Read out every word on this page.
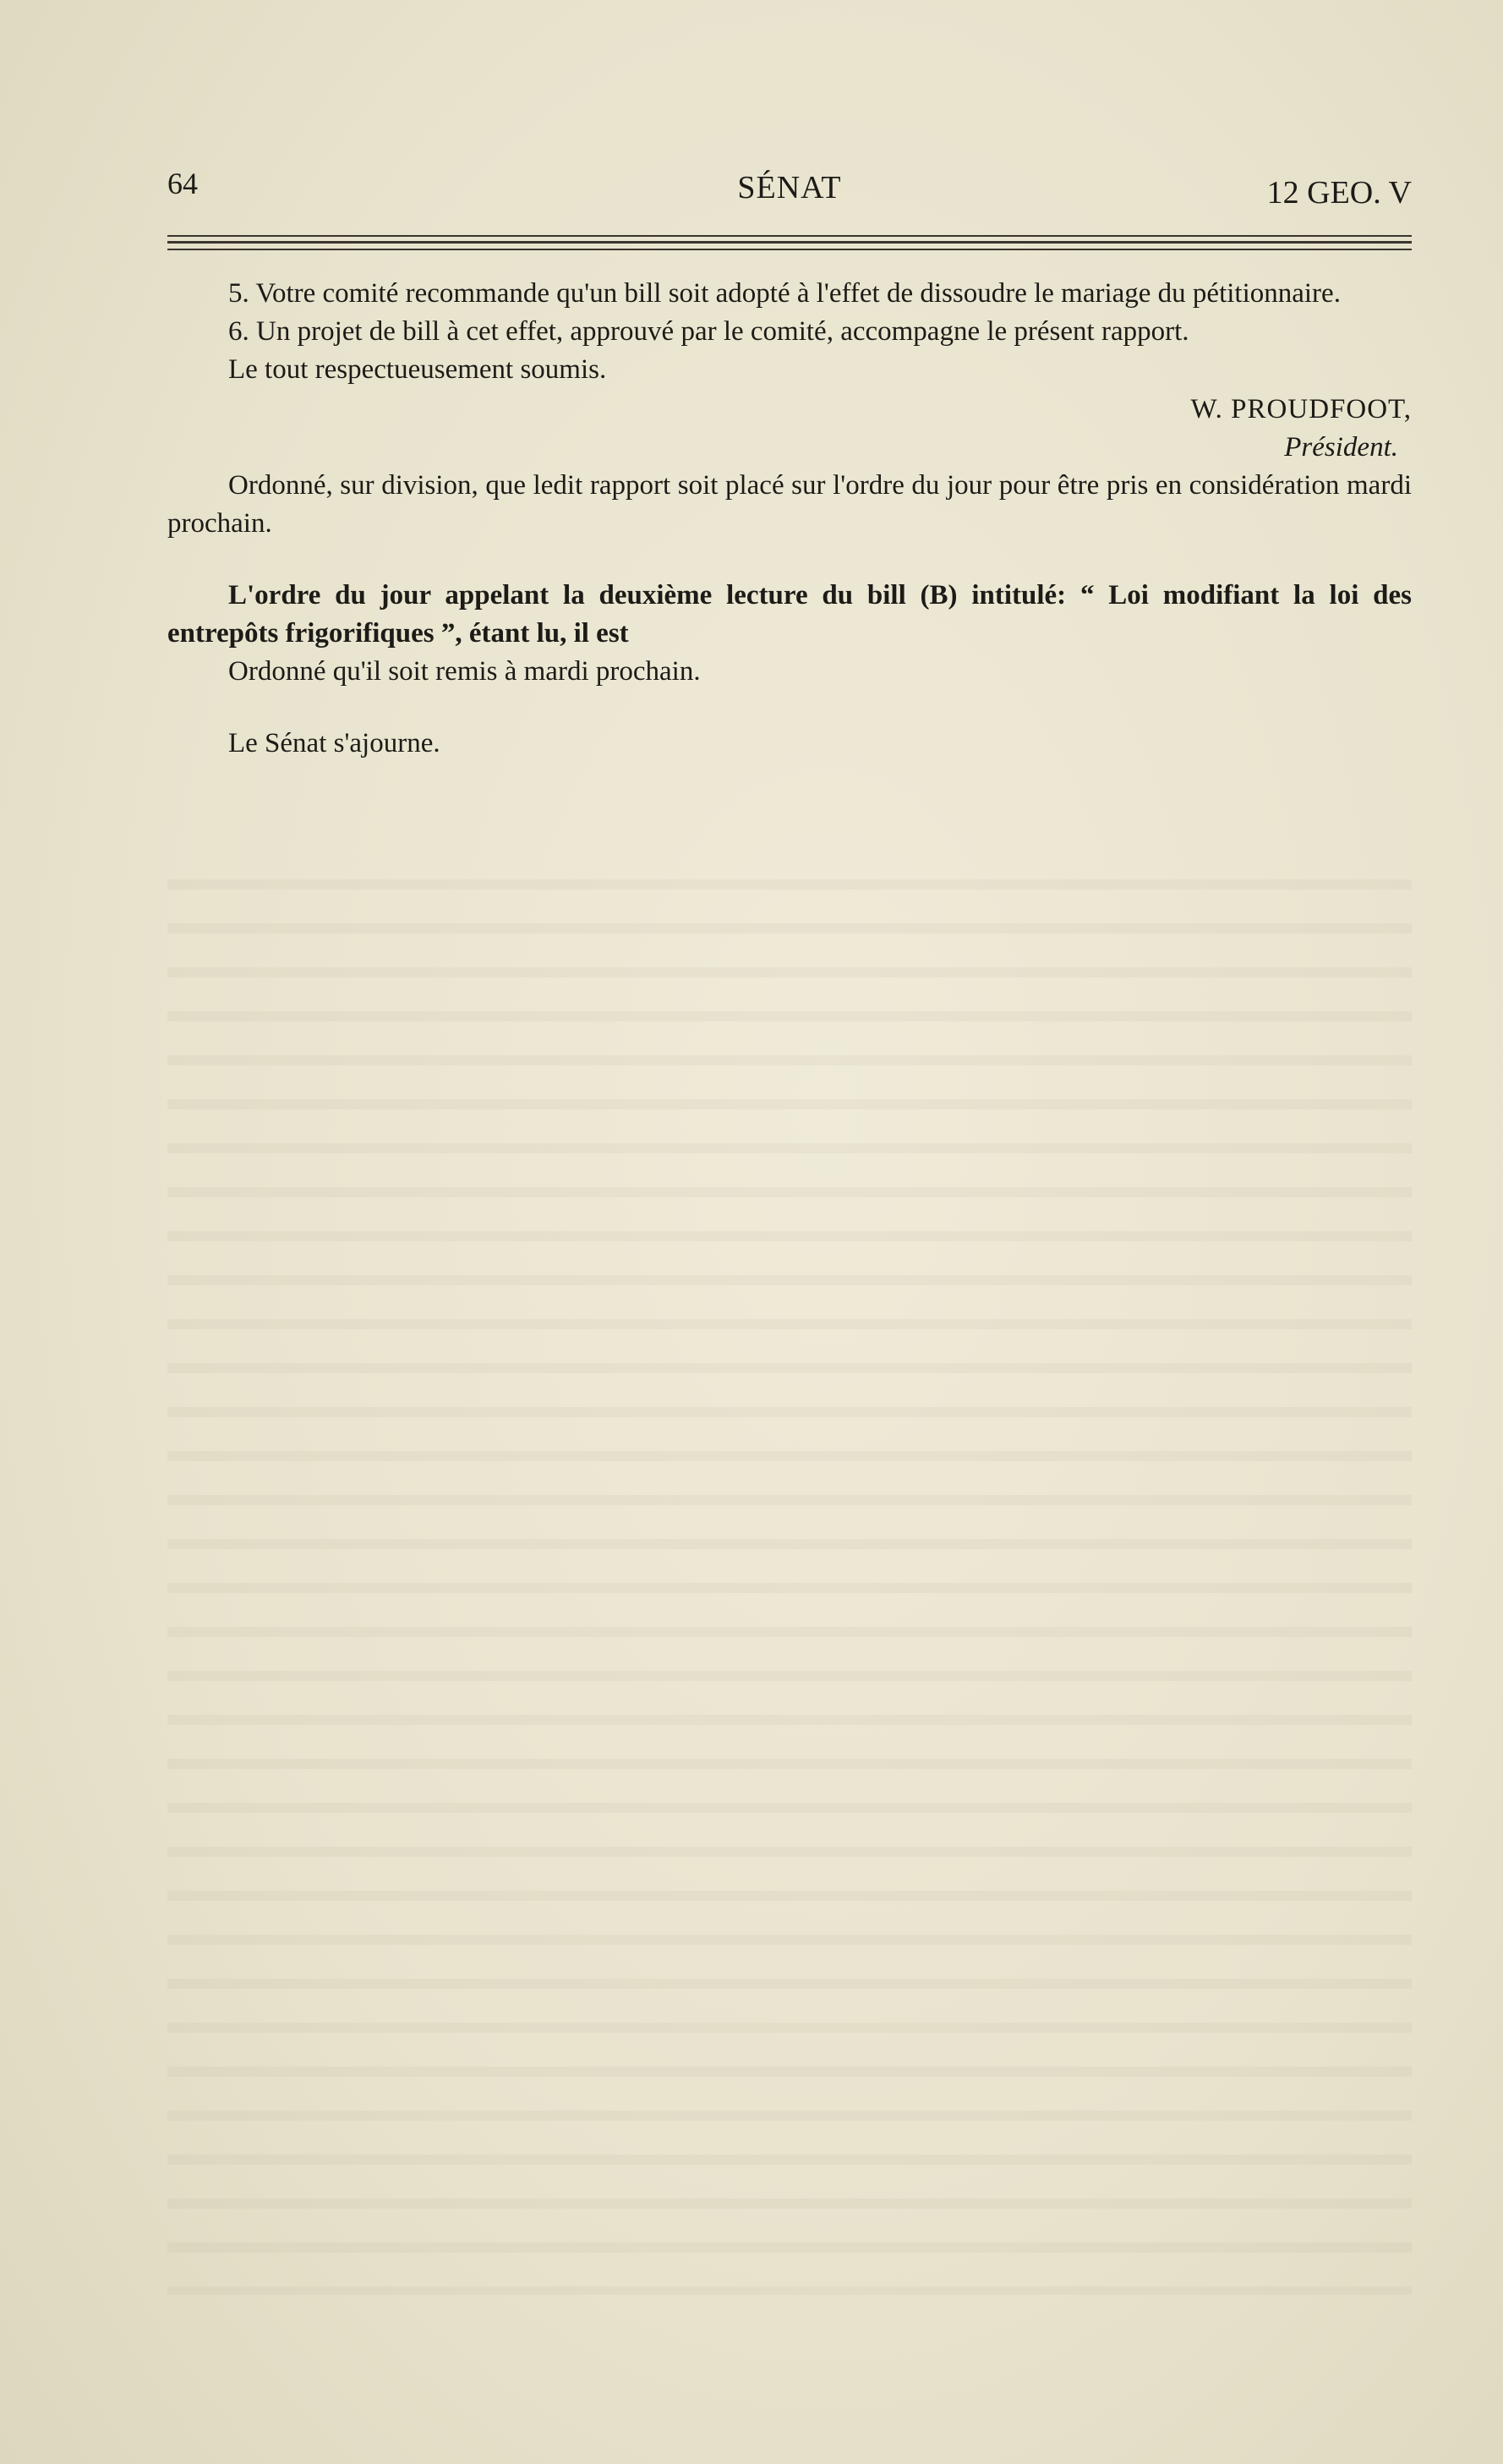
64	SÉNAT	12 GEO. V

5. Votre comité recommande qu'un bill soit adopté à l'effet de dissoudre le mariage du pétitionnaire.

6. Un projet de bill à cet effet, approuvé par le comité, accompagne le présent rapport.

Le tout respectueusement soumis.

W. PROUDFOOT,

Président.

Ordonné, sur division, que ledit rapport soit placé sur l'ordre du jour pour être pris en considération mardi prochain.

L'ordre du jour appelant la deuxième lecture du bill (B) intitulé: “ Loi modifiant la loi des entrepôts frigorifiques ”, étant lu, il est

Ordonné qu'il soit remis à mardi prochain.

Le Sénat s'ajourne.
